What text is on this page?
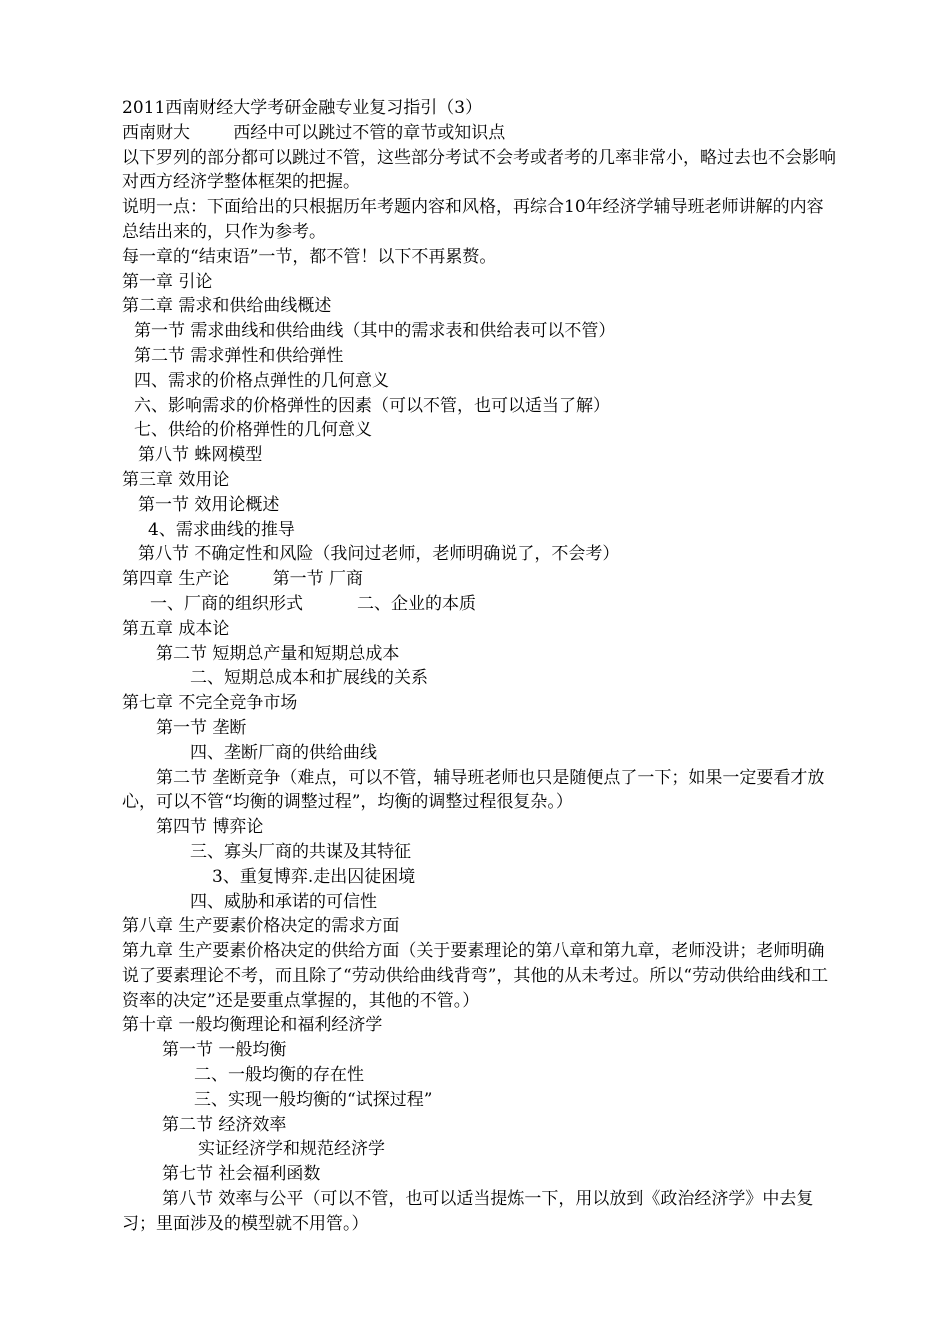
2011西南财经大学考研金融专业复习指引（3）

西南财大        西经中可以跳过不管的章节或知识点

以下罗列的部分都可以跳过不管，这些部分考试不会考或者考的几率非常小，略过去也不会影响对西方经济学整体框架的把握。

说明一点：下面给出的只根据历年考题内容和风格，再综合10年经济学辅导班老师讲解的内容总结出来的，只作为参考。

每一章的“结束语”一节，都不管！以下不再累赘。

第一章 引论

第二章 需求和供给曲线概述

第一节 需求曲线和供给曲线（其中的需求表和供给表可以不管）

第二节 需求弹性和供给弹性

四、需求的价格点弹性的几何意义

六、影响需求的价格弹性的因素（可以不管，也可以适当了解）

七、供给的价格弹性的几何意义

第八节 蛛网模型

第三章 效用论

第一节 效用论概述

4、需求曲线的推导

第八节 不确定性和风险（我问过老师，老师明确说了，不会考）

第四章 生产论        第一节 厂商

一、厂商的组织形式          二、企业的本质

第五章 成本论

第二节 短期总产量和短期总成本

二、短期总成本和扩展线的关系

第七章 不完全竞争市场

第一节 垄断

四、垄断厂商的供给曲线

第二节 垄断竞争（难点，可以不管，辅导班老师也只是随便点了一下；如果一定要看才放心，可以不管“均衡的调整过程”，均衡的调整过程很复杂。）

第四节 博弈论

三、寡头厂商的共谋及其特征

3、重复博弈.走出囚徒困境

四、威胁和承诺的可信性

第八章 生产要素价格决定的需求方面

第九章 生产要素价格决定的供给方面（关于要素理论的第八章和第九章，老师没讲；老师明确说了要素理论不考，而且除了“劳动供给曲线背弯”，其他的从未考过。所以“劳动供给曲线和工资率的决定”还是要重点掌握的，其他的不管。）

第十章 一般均衡理论和福利经济学

第一节 一般均衡

二、一般均衡的存在性

三、实现一般均衡的“试探过程”

第二节 经济效率

实证经济学和规范经济学

第七节 社会福利函数

第八节 效率与公平（可以不管，也可以适当提炼一下，用以放到《政治经济学》中去复习；里面涉及的模型就不用管。）
